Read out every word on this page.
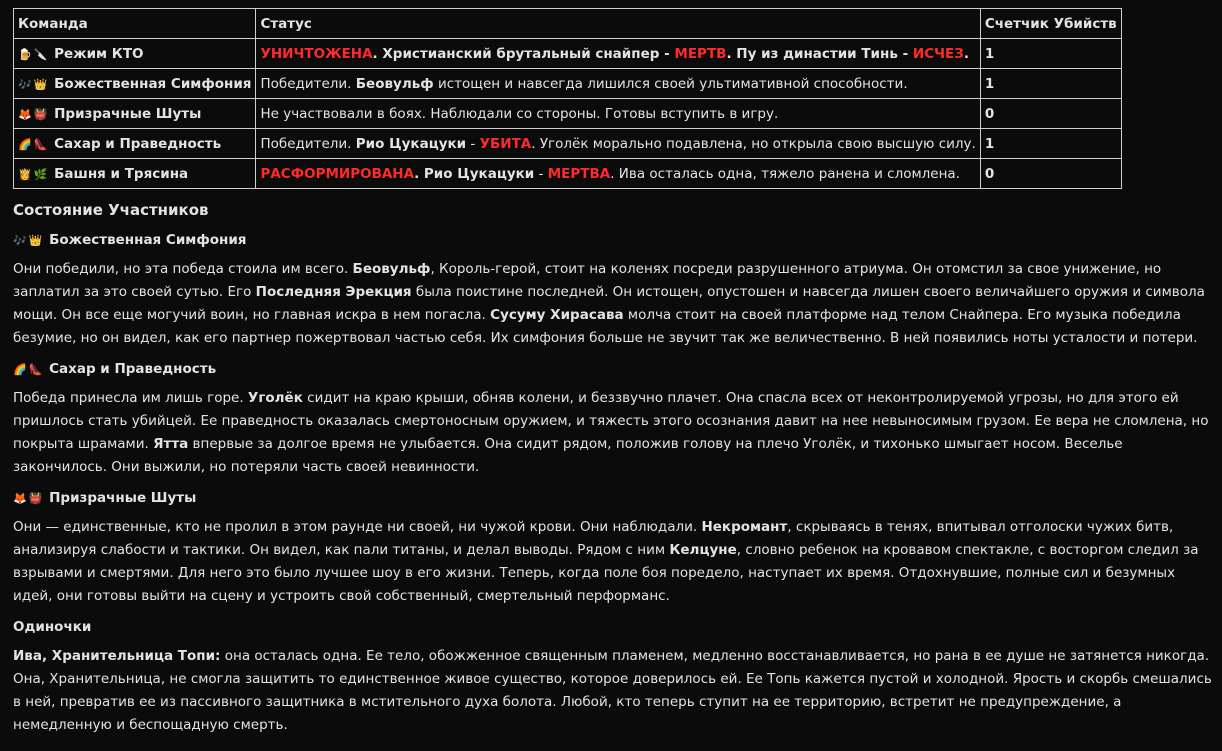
Команда	Статус	Счетчик Убийств
🍺 🔪 Режим КТО	УНИЧТОЖЕНА. Христианский брутальный снайпер - МЕРТВ. Пу из династии Тинь - ИСЧЕЗ.	1
🎶 👑 Божественная Симфония	Победители. Беовульф истощен и навсегда лишился своей ультимативной способности.	1
🦊 👹 Призрачные Шуты	Не участвовали в боях. Наблюдали со стороны. Готовы вступить в игру.	0
🌈 👠 Сахар и Праведность	Победители. Рио Цукацуки - УБИТА. Уголёк морально подавлена, но открыла свою высшую силу.	1
👸 🌿 Башня и Трясина	РАСФОРМИРОВАНА. Рио Цукацуки - МЕРТВА. Ива осталась одна, тяжело ранена и сломлена.	0
Состояние Участников
🎶 👑 Божественная Симфония

Они победили, но эта победа стоила им всего. Беовульф, Король-герой, стоит на коленях посреди разрушенного атриума. Он отомстил за свое унижение, но заплатил за это своей сутью. Его Последняя Эрекция была поистине последней. Он истощен, опустошен и навсегда лишен своего величайшего оружия и символа мощи. Он все еще могучий воин, но главная искра в нем погасла. Сусуму Хирасава молча стоит на своей платформе над телом Снайпера. Его музыка победила безумие, но он видел, как его партнер пожертвовал частью себя. Их симфония больше не звучит так же величественно. В ней появились ноты усталости и потери.

🌈 👠 Сахар и Праведность

Победа принесла им лишь горе. Уголёк сидит на краю крыши, обняв колени, и беззвучно плачет. Она спасла всех от неконтролируемой угрозы, но для этого ей пришлось стать убийцей. Ее праведность оказалась смертоносным оружием, и тяжесть этого осознания давит на нее невыносимым грузом. Ее вера не сломлена, но покрыта шрамами. Ятта впервые за долгое время не улыбается. Она сидит рядом, положив голову на плечо Уголёк, и тихонько шмыгает носом. Веселье закончилось. Они выжили, но потеряли часть своей невинности.

🦊 👹 Призрачные Шуты

Они — единственные, кто не пролил в этом раунде ни своей, ни чужой крови. Они наблюдали. Некромант, скрываясь в тенях, впитывал отголоски чужих битв, анализируя слабости и тактики. Он видел, как пали титаны, и делал выводы. Рядом с ним Келцуне, словно ребенок на кровавом спектакле, с восторгом следил за взрывами и смертями. Для него это было лучшее шоу в его жизни. Теперь, когда поле боя поредело, наступает их время. Отдохнувшие, полные сил и безумных идей, они готовы выйти на сцену и устроить свой собственный, смертельный перформанс.

Одиночки

Ива, Хранительница Топи: она осталась одна. Ее тело, обожженное священным пламенем, медленно восстанавливается, но рана в ее душе не затянется никогда. Она, Хранительница, не смогла защитить то единственное живое существо, которое доверилось ей. Ее Топь кажется пустой и холодной. Ярость и скорбь смешались в ней, превратив ее из пассивного защитника в мстительного духа болота. Любой, кто теперь ступит на ее территорию, встретит не предупреждение, а немедленную и беспощадную смерть.
